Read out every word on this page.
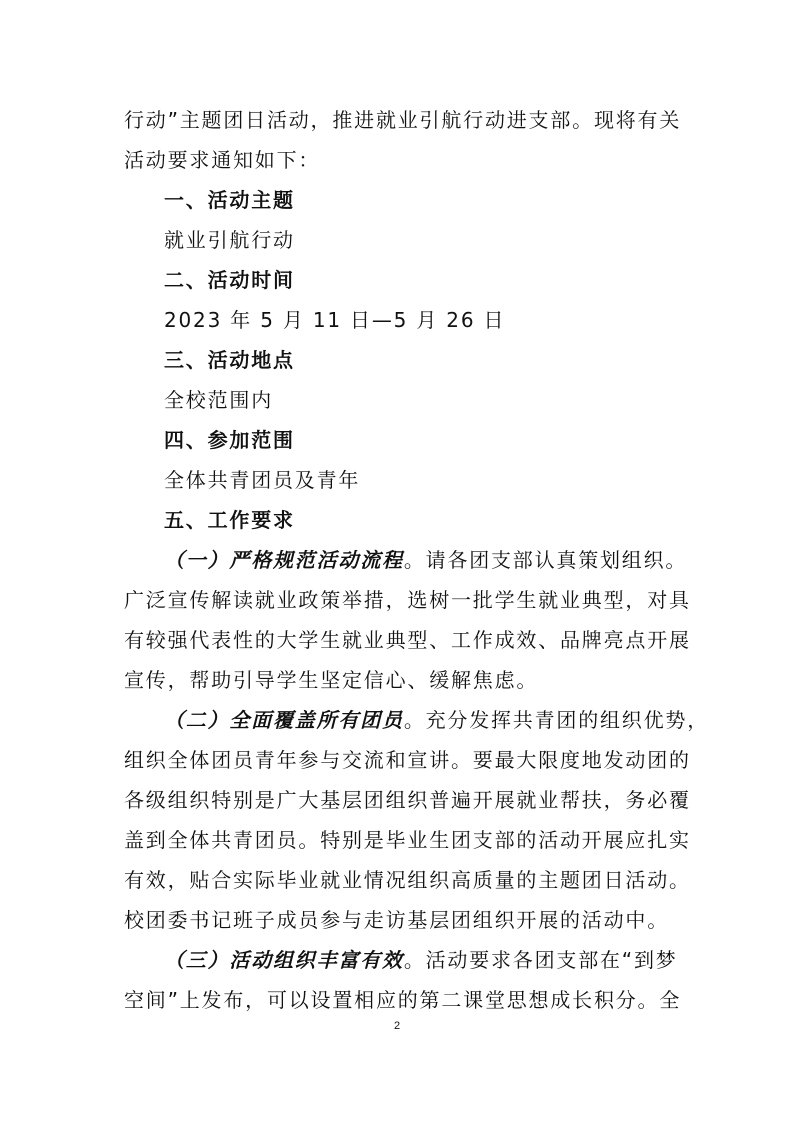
行动”主题团日活动，推进就业引航行动进支部。现将有关
活动要求通知如下：
一、活动主题
就业引航行动
二、活动时间
2023 年 5 月 11 日—5 月 26 日
三、活动地点
全校范围内
四、参加范围
全体共青团员及青年
五、工作要求
（一）严格规范活动流程。请各团支部认真策划组织。
广泛宣传解读就业政策举措，选树一批学生就业典型，对具
有较强代表性的大学生就业典型、工作成效、品牌亮点开展
宣传，帮助引导学生坚定信心、缓解焦虑。
（二）全面覆盖所有团员。充分发挥共青团的组织优势，
组织全体团员青年参与交流和宣讲。要最大限度地发动团的
各级组织特别是广大基层团组织普遍开展就业帮扶，务必覆
盖到全体共青团员。特别是毕业生团支部的活动开展应扎实
有效，贴合实际毕业就业情况组织高质量的主题团日活动。
校团委书记班子成员参与走访基层团组织开展的活动中。
（三）活动组织丰富有效。活动要求各团支部在“到梦
空间”上发布，可以设置相应的第二课堂思想成长积分。全
2
